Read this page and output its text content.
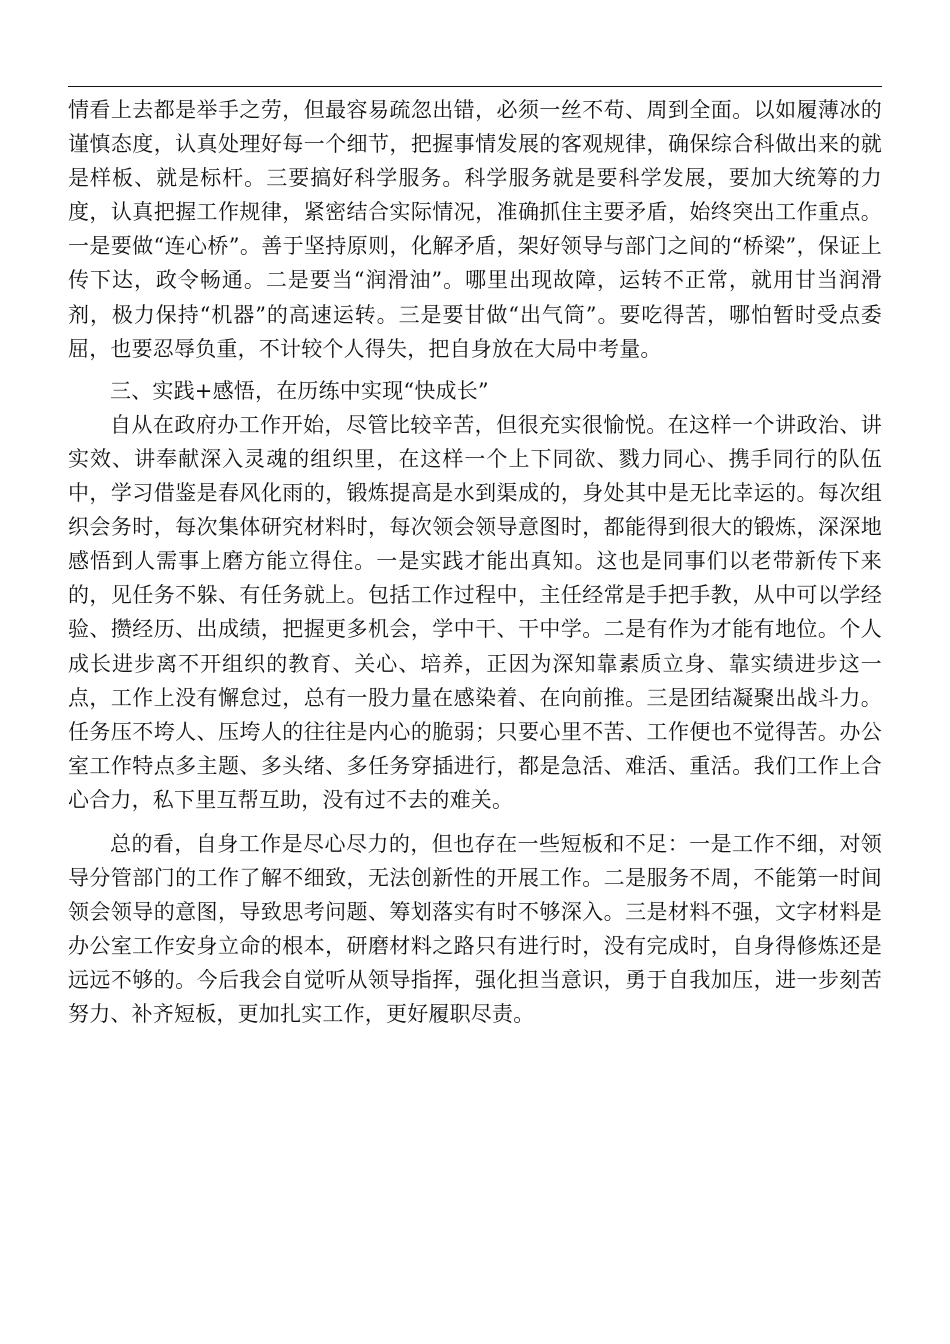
情看上去都是举手之劳，但最容易疏忽出错，必须一丝不苟、周到全面。以如履薄冰的谨慎态度，认真处理好每一个细节，把握事情发展的客观规律，确保综合科做出来的就是样板、就是标杆。三要搞好科学服务。科学服务就是要科学发展，要加大统筹的力度，认真把握工作规律，紧密结合实际情况，准确抓住主要矛盾，始终突出工作重点。一是要做“连心桥”。善于坚持原则，化解矛盾，架好领导与部门之间的“桥梁”，保证上传下达，政令畅通。二是要当“润滑油”。哪里出现故障，运转不正常，就用甘当润滑剂，极力保持“机器”的高速运转。三是要甘做“出气筒”。要吃得苦，哪怕暂时受点委屈，也要忍辱负重，不计较个人得失，把自身放在大局中考量。

三、实践+感悟，在历练中实现“快成长”

自从在政府办工作开始，尽管比较辛苦，但很充实很愉悦。在这样一个讲政治、讲实效、讲奉献深入灵魂的组织里，在这样一个上下同欲、戮力同心、携手同行的队伍中，学习借鉴是春风化雨的，锻炼提高是水到渠成的，身处其中是无比幸运的。每次组织会务时，每次集体研究材料时，每次领会领导意图时，都能得到很大的锻炼，深深地感悟到人需事上磨方能立得住。一是实践才能出真知。这也是同事们以老带新传下来的，见任务不躲、有任务就上。包括工作过程中，主任经常是手把手教，从中可以学经验、攒经历、出成绩，把握更多机会，学中干、干中学。二是有作为才能有地位。个人成长进步离不开组织的教育、关心、培养，正因为深知靠素质立身、靠实绩进步这一点，工作上没有懈怠过，总有一股力量在感染着、在向前推。三是团结凝聚出战斗力。任务压不垮人、压垮人的往往是内心的脆弱；只要心里不苦、工作便也不觉得苦。办公室工作特点多主题、多头绪、多任务穿插进行，都是急活、难活、重活。我们工作上合心合力，私下里互帮互助，没有过不去的难关。

总的看，自身工作是尽心尽力的，但也存在一些短板和不足：一是工作不细，对领导分管部门的工作了解不细致，无法创新性的开展工作。二是服务不周，不能第一时间领会领导的意图，导致思考问题、筹划落实有时不够深入。三是材料不强，文字材料是办公室工作安身立命的根本，研磨材料之路只有进行时，没有完成时，自身得修炼还是远远不够的。今后我会自觉听从领导指挥，强化担当意识，勇于自我加压，进一步刻苦努力、补齐短板，更加扎实工作，更好履职尽责。
